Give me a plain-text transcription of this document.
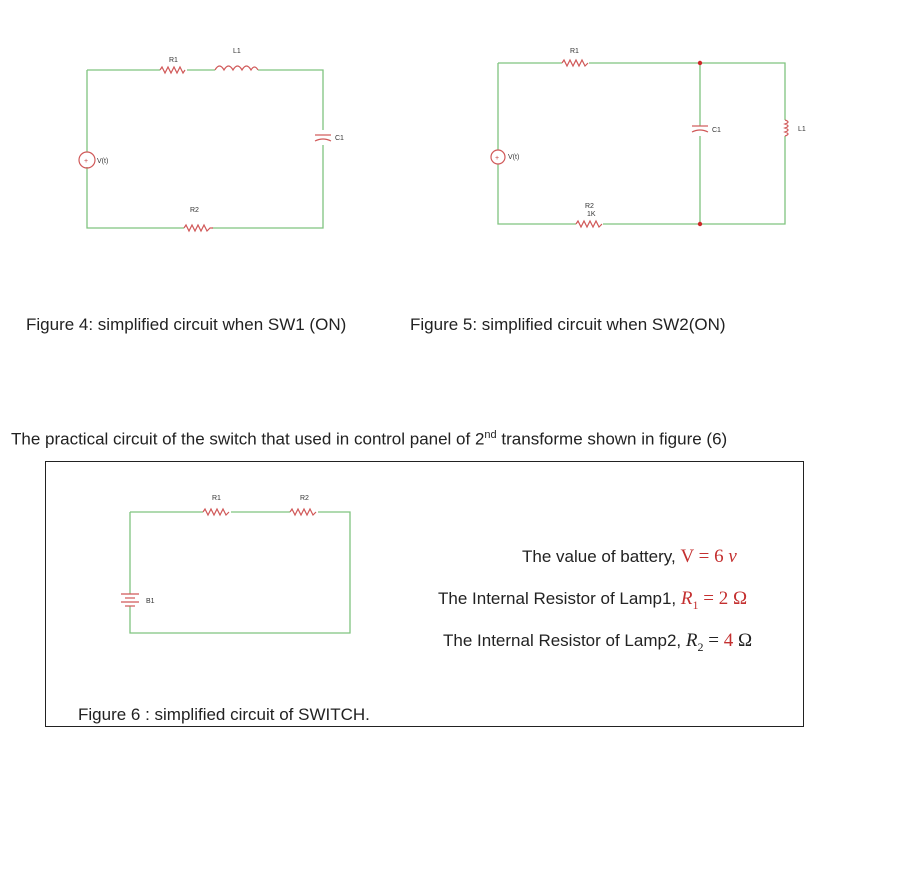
R1
L1
C1
+ V(t)
R2
R1
C1	L1
+ V(t)
R2
1K
Figure 4: simplified circuit when SW1 (ON)	Figure 5: simplified circuit when SW2(ON)
The practical circuit of the switch that used in control panel of 2nd transforme shown in figure (6)
R1	R2
B1
The value of battery, V = 6 v
The Internal Resistor of Lamp1, $R_1 = 2$ Ω
The Internal Resistor of Lamp2, $R_2 = 4$ Ω
Figure 6 : simplified circuit of SWITCH.
